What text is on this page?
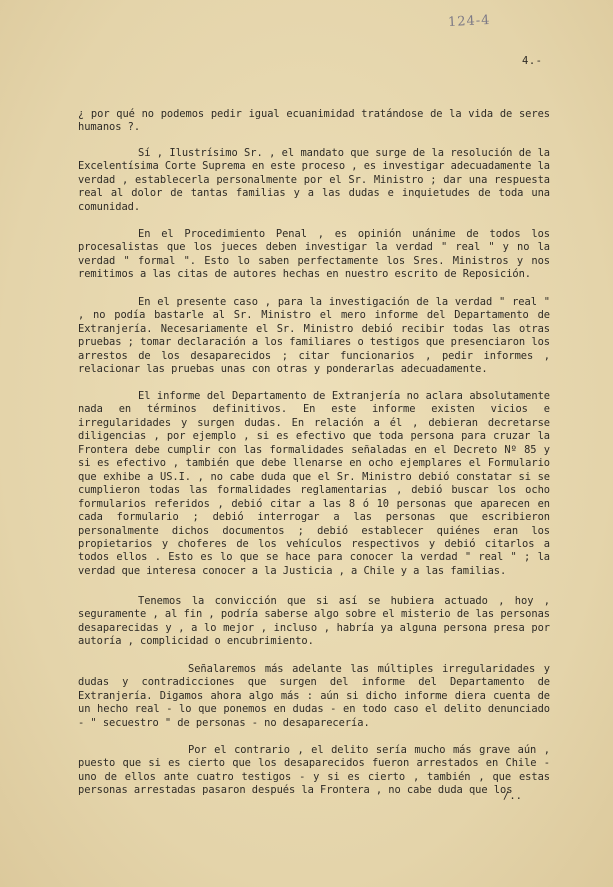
124-4
4.-

¿ por qué no podemos pedir igual ecuanimidad tratándose de la vida de seres humanos ?.

Sí , Ilustrísimo Sr. , el mandato que surge de la resolución de la Excelentísima Corte Suprema en este proceso , es investigar adecuadamente la verdad , establecerla personalmente por el Sr. Ministro ; dar una respuesta real al dolor de tantas familias y a las dudas e inquietudes de toda una comunidad.

En el Procedimiento Penal , es opinión unánime de todos los procesalistas que los jueces deben investigar la verdad " real " y no la verdad " formal ". Esto lo saben perfectamente los Sres. Ministros y nos remitimos a las citas de autores hechas en nuestro escrito de Reposición.

En el presente caso , para la investigación de la verdad " real " , no podía bastarle al Sr. Ministro el mero informe del Departamento de Extranjería. Necesariamente el Sr. Ministro debió recibir todas las otras pruebas ; tomar declaración a los familiares o testigos que presenciaron los arrestos de los desaparecidos ; citar funcionarios , pedir informes , relacionar las pruebas unas con otras y ponderarlas adecuadamente.

El informe del Departamento de Extranjería no aclara absolutamente nada en términos definitivos. En este informe existen vicios e irregularidades y surgen dudas. En relación a él , debieran decretarse diligencias , por ejemplo , si es efectivo que toda persona para cruzar la Frontera debe cumplir con las formalidades señaladas en el Decreto Nº 85 y si es efectivo , también que debe llenarse en ocho ejemplares el Formulario que exhibe a US.I. , no cabe duda que el Sr. Ministro debió constatar si se cumplieron todas las formalidades reglamentarias , debió buscar los ocho formularios referidos , debió citar a las 8 ó 10 personas que aparecen en cada formulario ; debió interrogar a las personas que escribieron personalmente dichos documentos ; debió establecer quiénes eran los propietarios y choferes de los vehículos respectivos y debió citarlos a todos ellos . Esto es lo que se hace para conocer la verdad " real " ; la verdad que interesa conocer a la Justicia , a Chile y a las familias.

Tenemos la convicción que si así se hubiera actuado , hoy , seguramente , al fin , podría saberse algo sobre el misterio de las personas desaparecidas y , a lo mejor , incluso , habría ya alguna persona presa por autoría , complicidad o encubrimiento.

Señalaremos más adelante las múltiples irregularidades y dudas y contradicciones que surgen del informe del Departamento de Extranjería. Digamos ahora algo más : aún si dicho informe diera cuenta de un hecho real - lo que ponemos en dudas - en todo caso el delito denunciado - " secuestro " de personas - no desaparecería.

Por el contrario , el delito sería mucho más grave aún , puesto que si es cierto que los desaparecidos fueron arrestados en Chile - uno de ellos ante cuatro testigos - y si es cierto , también , que estas personas arrestadas pasaron después la Frontera , no cabe duda que los

/..
